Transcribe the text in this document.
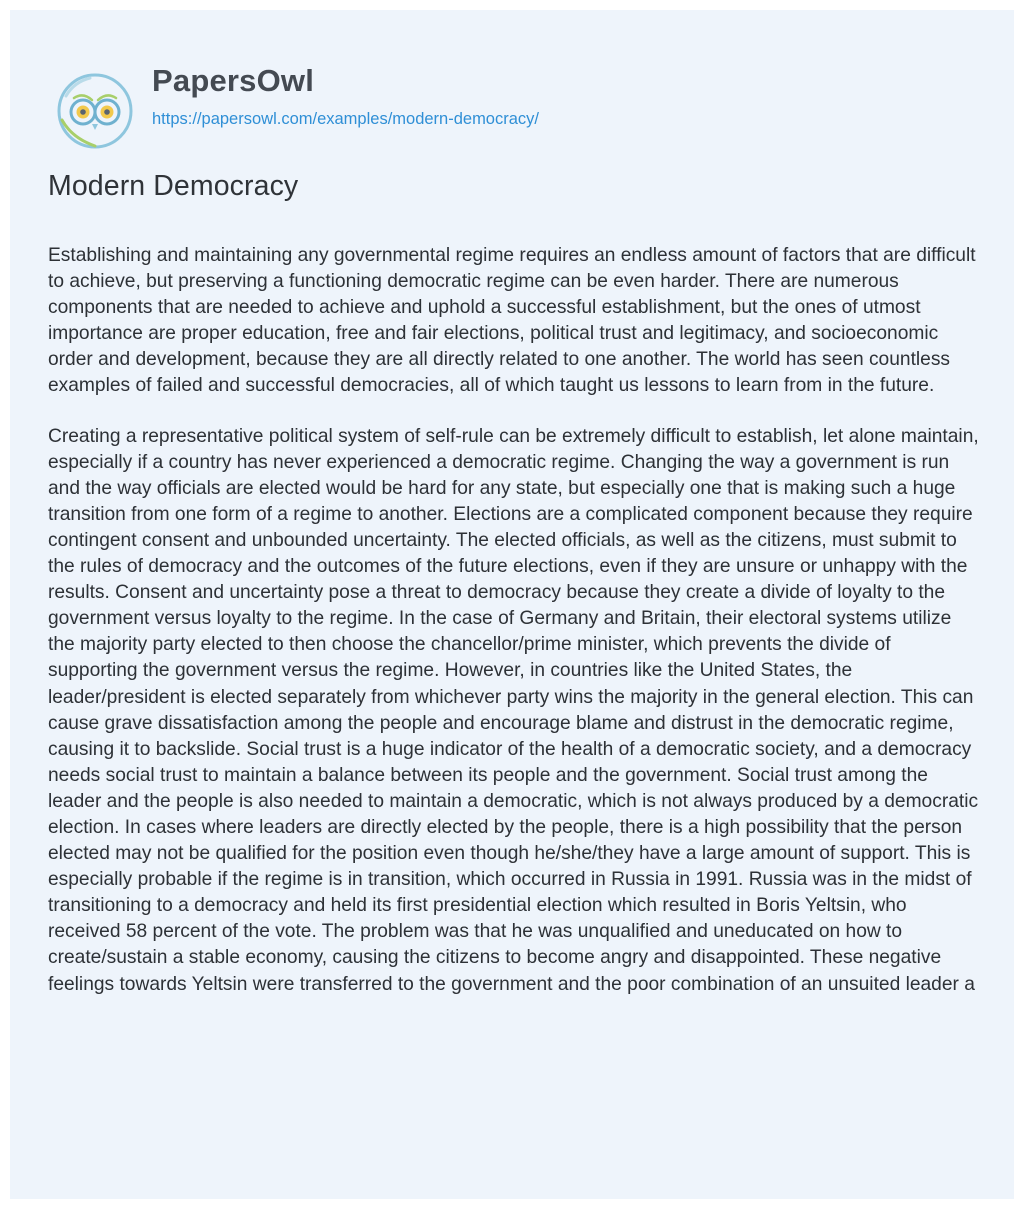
PapersOwl
https://papersowl.com/examples/modern-democracy/
Modern Democracy

Establishing and maintaining any governmental regime requires an endless amount of factors that are difficult to achieve, but preserving a functioning democratic regime can be even harder. There are numerous components that are needed to achieve and uphold a successful establishment, but the ones of utmost importance are proper education, free and fair elections, political trust and legitimacy, and socioeconomic order and development, because they are all directly related to one another. The world has seen countless examples of failed and successful democracies, all of which taught us lessons to learn from in the future.

Creating a representative political system of self-rule can be extremely difficult to establish, let alone maintain, especially if a country has never experienced a democratic regime. Changing the way a government is run and the way officials are elected would be hard for any state, but especially one that is making such a huge transition from one form of a regime to another. Elections are a complicated component because they require contingent consent and unbounded uncertainty. The elected officials, as well as the citizens, must submit to the rules of democracy and the outcomes of the future elections, even if they are unsure or unhappy with the results. Consent and uncertainty pose a threat to democracy because they create a divide of loyalty to the government versus loyalty to the regime. In the case of Germany and Britain, their electoral systems utilize the majority party elected to then choose the chancellor/prime minister, which prevents the divide of supporting the government versus the regime. However, in countries like the United States, the leader/president is elected separately from whichever party wins the majority in the general election. This can cause grave dissatisfaction among the people and encourage blame and distrust in the democratic regime, causing it to backslide. Social trust is a huge indicator of the health of a democratic society, and a democracy needs social trust to maintain a balance between its people and the government. Social trust among the leader and the people is also needed to maintain a democratic, which is not always produced by a democratic election. In cases where leaders are directly elected by the people, there is a high possibility that the person elected may not be qualified for the position even though he/she/they have a large amount of support. This is especially probable if the regime is in transition, which occurred in Russia in 1991. Russia was in the midst of transitioning to a democracy and held its first presidential election which resulted in Boris Yeltsin, who received 58 percent of the vote. The problem was that he was unqualified and uneducated on how to create/sustain a stable economy, causing the citizens to become angry and disappointed. These negative feelings towards Yeltsin were transferred to the government and the poor combination of an unsuited leader a
